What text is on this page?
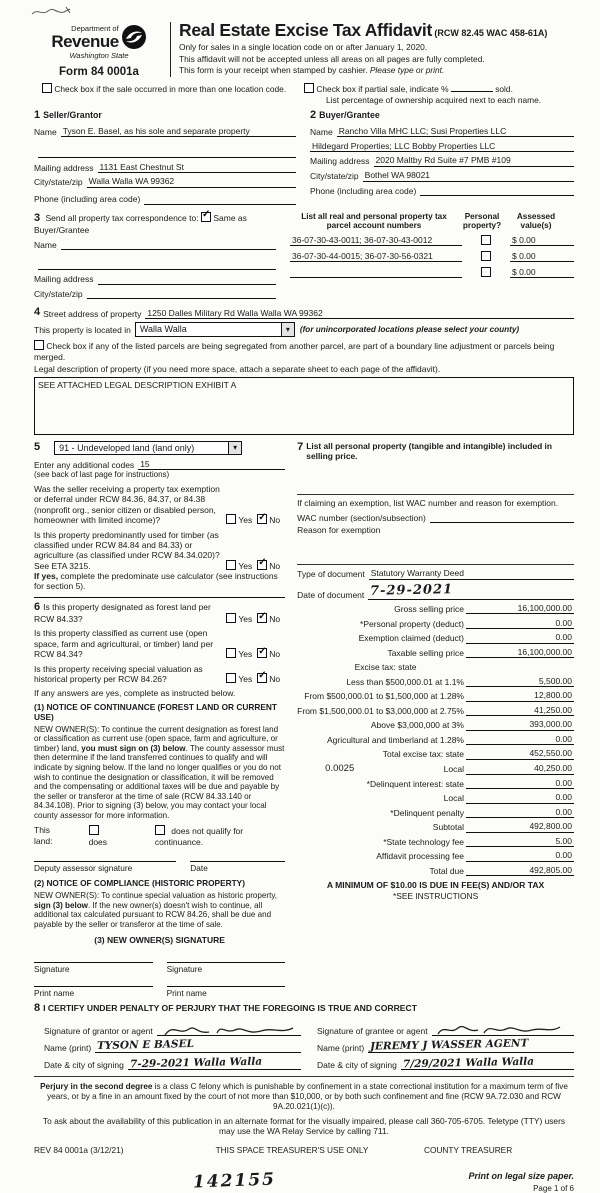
Department of
Revenue
Washington State
Form 84 0001a
Real Estate Excise Tax Affidavit (RCW 82.45 WAC 458-61A)
Only for sales in a single location code on or after January 1, 2020.
This affidavit will not be accepted unless all areas on all pages are fully completed.
This form is your receipt when stamped by cashier. Please type or print.
Check box if the sale occurred in more than one location code.	Check box if partial sale, indicate %	sold.
List percentage of ownership acquired next to each name.
1 Seller/Grantor
Name Tyson E. Basel, as his sole and separate property
Mailing address 1131 East Chestnut St
City/state/zip Walla Walla WA 99362
Phone (including area code)
2 Buyer/Grantee
Name Rancho Villa MHC LLC; Susi Properties LLC
Hildegard Properties; LLC Bobby Properties LLC
Mailing address 2020 Maltby Rd Suite #7 PMB #109
City/state/zip Bothel WA 98021
Phone (including area code)
3 Send all property tax correspondence to: ✓ Same as Buyer/Grantee
Name
Mailing address
City/state/zip
List all real and personal property tax
parcel account numbers
Personal
property?
Assessed
value(s)
36-07-30-43-0011; 36-07-30-43-0012	$ 0.00
36-07-30-44-0015; 36-07-30-56-0321	$ 0.00
$ 0.00
4 Street address of property 1250 Dalles Military Rd Walla Walla WA 99362
This property is located in	Walla Walla ▾	(for unincorporated locations please select your county)
Check box if any of the listed parcels are being segregated from another parcel, are part of a boundary line adjustment or parcels being merged.
Legal description of property (if you need more space, attach a separate sheet to each page of the affidavit).
SEE ATTACHED LEGAL DESCRIPTION EXHIBIT A
5	91 - Undeveloped land (land only)
▾
Enter any additional codes 15
(see back of last page for instructions)
Was the seller receiving a property tax exemption or deferral under RCW 84.36, 84.37, or 84.38 (nonprofit org., senior citizen or disabled person, homeowner with limited income)?	Yes ✓ No
Is this property predominantly used for timber (as classified under RCW 84.84 and 84.33) or agriculture (as classified under RCW 84.34.020)? See ETA 3215.	Yes ✓ No
If yes, complete the predominate use calculator (see instructions for section 5).
6 Is this property designated as forest land per RCW 84.33?	Yes ✓ No
Is this property classified as current use (open space, farm and agricultural, or timber) land per RCW 84.34?	Yes ✓ No
Is this property receiving special valuation as historical property per RCW 84.26?	Yes ✓ No
If any answers are yes, complete as instructed below.
(1) NOTICE OF CONTINUANCE (FOREST LAND OR CURRENT USE)
NEW OWNER(S): To continue the current designation as forest land or classification as current use (open space, farm and agriculture, or timber) land, you must sign on (3) below. The county assessor must then determine if the land transferred continues to qualify and will indicate by signing below. If the land no longer qualifies or you do not wish to continue the designation or classification, it will be removed and the compensating or additional taxes will be due and payable by the seller or transferor at the time of sale (RCW 84.33.140 or 84.34.108). Prior to signing (3) below, you may contact your local county assessor for more information.
This land:	does
does not qualify for continuance.
Deputy assessor signature	Date
(2) NOTICE OF COMPLIANCE (HISTORIC PROPERTY)
NEW OWNER(S): To continue special valuation as historic property, sign (3) below. If the new owner(s) doesn't wish to continue, all additional tax calculated pursuant to RCW 84.26, shall be due and payable by the seller or transferor at the time of sale.
(3) NEW OWNER(S) SIGNATURE
Signature	Signature
Print name	Print name
7 List all personal property (tangible and intangible) included in selling price.
If claiming an exemption, list WAC number and reason for exemption.
WAC number (section/subsection)
Reason for exemption
Type of document Statutory Warranty Deed
Date of document 7-29-2021
Gross selling price	16,100,000.00
*Personal property (deduct)	0.00
Exemption claimed (deduct)	0.00
Taxable selling price	16,100,000.00
Excise tax: state
Less than $500,000.01 at 1.1%	5,500.00
From $500,000.01 to $1,500,000 at 1.28%	12,800.00
From $1,500,000.01 to $3,000,000 at 2.75%	41,250.00
Above $3,000,000 at 3%	393,000.00
Agricultural and timberland at 1.28%	0.00
Total excise tax: state	452,550.00
0.0025	Local	40,250.00
*Delinquent interest: state	0.00
Local	0.00
*Delinquent penalty	0.00
Subtotal	492,800.00
*State technology fee	5.00
Affidavit processing fee	0.00
Total due	492,805.00
A MINIMUM OF $10.00 IS DUE IN FEE(S) AND/OR TAX
*SEE INSTRUCTIONS
8 I CERTIFY UNDER PENALTY OF PERJURY THAT THE FOREGOING IS TRUE AND CORRECT
Signature of grantor or agent
Name (print) TYSON E BASEL
Date & city of signing 7-29-2021 Walla Walla
Signature of grantee or agent
Name (print) JEREMY J WASSER AGENT
Date & city of signing 7/29/2021 Walla Walla
Perjury in the second degree is a class C felony which is punishable by confinement in a state correctional institution for a maximum term of five years, or by a fine in an amount fixed by the court of not more than $10,000, or by both such confinement and fine (RCW 9A.72.030 and RCW 9A.20.021(1)(c)).
To ask about the availability of this publication in an alternate format for the visually impaired, please call 360-705-6705. Teletype (TTY) users may use the WA Relay Service by calling 711.
REV 84 0001a (3/12/21)	THIS SPACE TREASURER'S USE ONLY	COUNTY TREASURER
142155	Print on legal size paper.
Page 1 of 6
